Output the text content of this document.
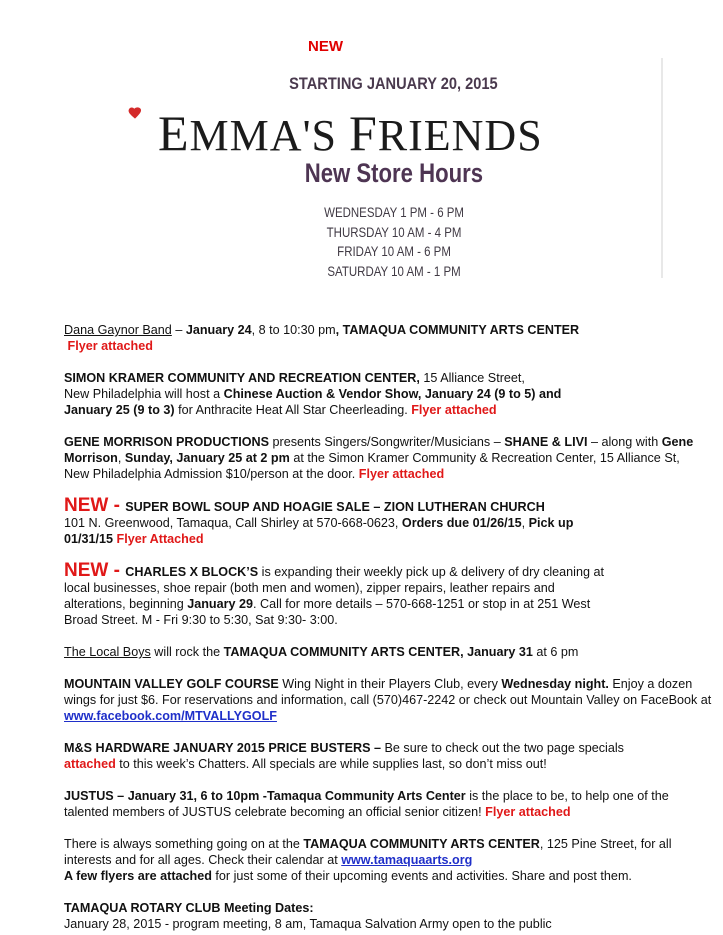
NEW
STARTING JANUARY 20, 2015
EMMA'S FRIENDS
New Store Hours
WEDNESDAY 1 PM - 6 PM
THURSDAY 10 AM - 4 PM
FRIDAY 10 AM - 6 PM
SATURDAY 10 AM - 1 PM

Dana Gaynor Band – January 24, 8 to 10:30 pm, TAMAQUA COMMUNITY ARTS CENTER
Flyer attached

SIMON KRAMER COMMUNITY AND RECREATION CENTER, 15 Alliance Street,
New Philadelphia will host a Chinese Auction & Vendor Show, January 24 (9 to 5) and
January 25 (9 to 3) for Anthracite Heat All Star Cheerleading. Flyer attached

GENE MORRISON PRODUCTIONS presents Singers/Songwriter/Musicians – SHANE & LIVI – along with Gene Morrison, Sunday, January 25 at 2 pm at the Simon Kramer Community & Recreation Center, 15 Alliance St, New Philadelphia Admission $10/person at the door. Flyer attached

NEW - SUPER BOWL SOUP AND HOAGIE SALE – ZION LUTHERAN CHURCH
101 N. Greenwood, Tamaqua, Call Shirley at 570-668-0623, Orders due 01/26/15, Pick up 01/31/15 Flyer Attached

NEW - CHARLES X BLOCK’S is expanding their weekly pick up & delivery of dry cleaning at local businesses, shoe repair (both men and women), zipper repairs, leather repairs and alterations, beginning January 29. Call for more details – 570-668-1251 or stop in at 251 West Broad Street. M - Fri 9:30 to 5:30, Sat 9:30- 3:00.

The Local Boys will rock the TAMAQUA COMMUNITY ARTS CENTER, January 31 at 6 pm

MOUNTAIN VALLEY GOLF COURSE Wing Night in their Players Club, every Wednesday night. Enjoy a dozen wings for just $6. For reservations and information, call (570)467-2242 or check out Mountain Valley on FaceBook at www.facebook.com/MTVALLYGOLF

M&S HARDWARE JANUARY 2015 PRICE BUSTERS – Be sure to check out the two page specials attached to this week’s Chatters. All specials are while supplies last, so don’t miss out!

JUSTUS – January 31, 6 to 10pm -Tamaqua Community Arts Center is the place to be, to help one of the talented members of JUSTUS celebrate becoming an official senior citizen! Flyer attached

There is always something going on at the TAMAQUA COMMUNITY ARTS CENTER, 125 Pine Street, for all interests and for all ages. Check their calendar at www.tamaquaarts.org
A few flyers are attached for just some of their upcoming events and activities. Share and post them.

TAMAQUA ROTARY CLUB Meeting Dates:
January 28, 2015 - program meeting, 8 am, Tamaqua Salvation Army open to the public
